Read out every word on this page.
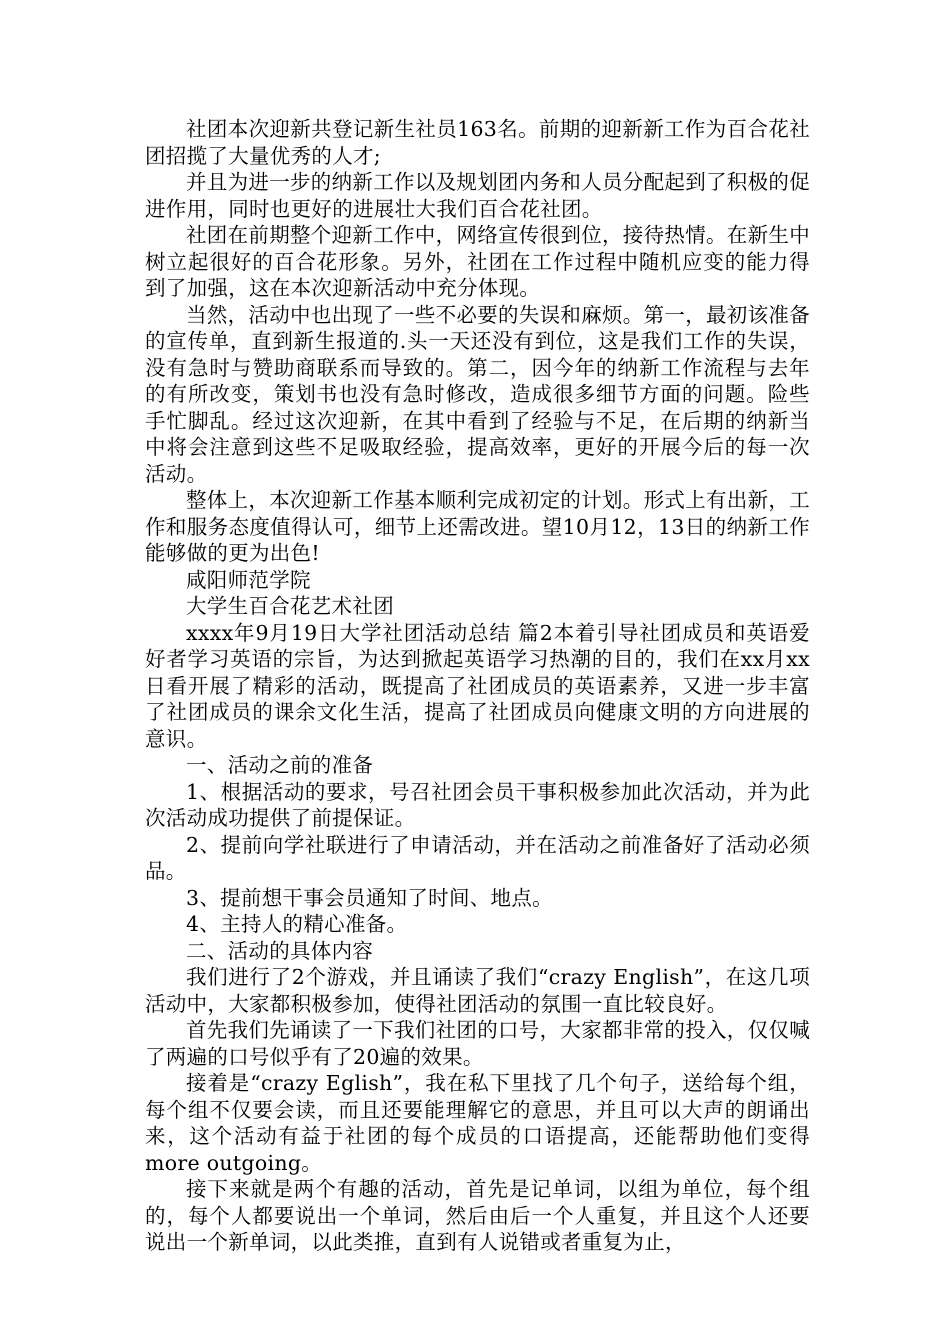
社团本次迎新共登记新生社员163名。前期的迎新新工作为百合花社团招揽了大量优秀的人才;

并且为进一步的纳新工作以及规划团内务和人员分配起到了积极的促进作用，同时也更好的进展壮大我们百合花社团。

社团在前期整个迎新工作中，网络宣传很到位，接待热情。在新生中树立起很好的百合花形象。另外，社团在工作过程中随机应变的能力得到了加强，这在本次迎新活动中充分体现。

当然，活动中也出现了一些不必要的失误和麻烦。第一，最初该准备的宣传单，直到新生报道的.头一天还没有到位，这是我们工作的失误，没有急时与赞助商联系而导致的。第二，因今年的纳新工作流程与去年的有所改变，策划书也没有急时修改，造成很多细节方面的问题。险些手忙脚乱。经过这次迎新，在其中看到了经验与不足，在后期的纳新当中将会注意到这些不足吸取经验，提高效率，更好的开展今后的每一次活动。

整体上，本次迎新工作基本顺利完成初定的计划。形式上有出新，工作和服务态度值得认可，细节上还需改进。望10月12，13日的纳新工作能够做的更为出色!

咸阳师范学院

大学生百合花艺术社团

xxxx年9月19日大学社团活动总结 篇2本着引导社团成员和英语爱好者学习英语的宗旨，为达到掀起英语学习热潮的目的，我们在xx月xx日看开展了精彩的活动，既提高了社团成员的英语素养，又进一步丰富了社团成员的课余文化生活，提高了社团成员向健康文明的方向进展的意识。

一、活动之前的准备

1、根据活动的要求，号召社团会员干事积极参加此次活动，并为此次活动成功提供了前提保证。

2、提前向学社联进行了申请活动，并在活动之前准备好了活动必须品。

3、提前想干事会员通知了时间、地点。

4、主持人的精心准备。

二、活动的具体内容

我们进行了2个游戏，并且诵读了我们“crazy English”，在这几项活动中，大家都积极参加，使得社团活动的氛围一直比较良好。

首先我们先诵读了一下我们社团的口号，大家都非常的投入，仅仅喊了两遍的口号似乎有了20遍的效果。

接着是“crazy Eglish”，我在私下里找了几个句子，送给每个组，每个组不仅要会读，而且还要能理解它的意思，并且可以大声的朗诵出来，这个活动有益于社团的每个成员的口语提高，还能帮助他们变得more outgoing。

接下来就是两个有趣的活动，首先是记单词，以组为单位，每个组的，每个人都要说出一个单词，然后由后一个人重复，并且这个人还要说出一个新单词，以此类推，直到有人说错或者重复为止，
